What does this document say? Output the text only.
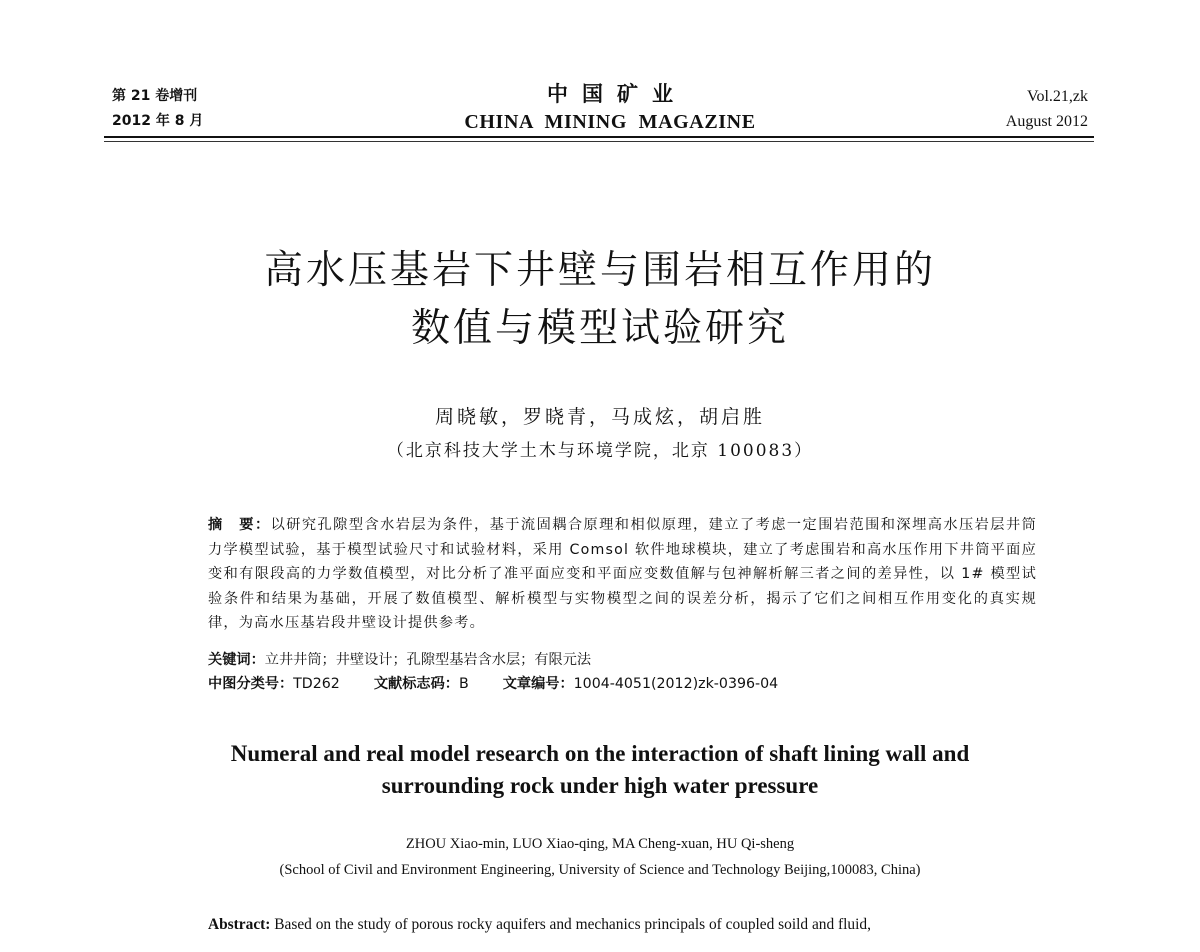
第 21 卷增刊
2012 年 8 月
中国矿业
CHINA MINING MAGAZINE
Vol.21,zk
August 2012
高水压基岩下井壁与围岩相互作用的
数值与模型试验研究
周晓敏，罗晓青，马成炫，胡启胜
（北京科技大学土木与环境学院，北京 100083）
摘　要：以研究孔隙型含水岩层为条件，基于流固耦合原理和相似原理，建立了考虑一定围岩范围和深埋高水压岩层井筒力学模型试验，基于模型试验尺寸和试验材料，采用 Comsol 软件地球模块，建立了考虑围岩和高水压作用下井筒平面应变和有限段高的力学数值模型，对比分析了准平面应变和平面应变数值解与包神解析解三者之间的差异性，以 1# 模型试验条件和结果为基础，开展了数值模型、解析模型与实物模型之间的误差分析，揭示了它们之间相互作用变化的真实规律，为高水压基岩段井壁设计提供参考。
关键词：立井井筒；井壁设计；孔隙型基岩含水层；有限元法
中图分类号：TD262 文献标志码：B 文章编号：1004-4051(2012)zk-0396-04
Numeral and real model research on the interaction of shaft lining wall and
surrounding rock under high water pressure
ZHOU Xiao-min, LUO Xiao-qing, MA Cheng-xuan, HU Qi-sheng
(School of Civil and Environment Engineering, University of Science and Technology Beijing,100083, China)
Abstract: Based on the study of porous rocky aquifers and mechanics principals of coupled soild and fluid,
